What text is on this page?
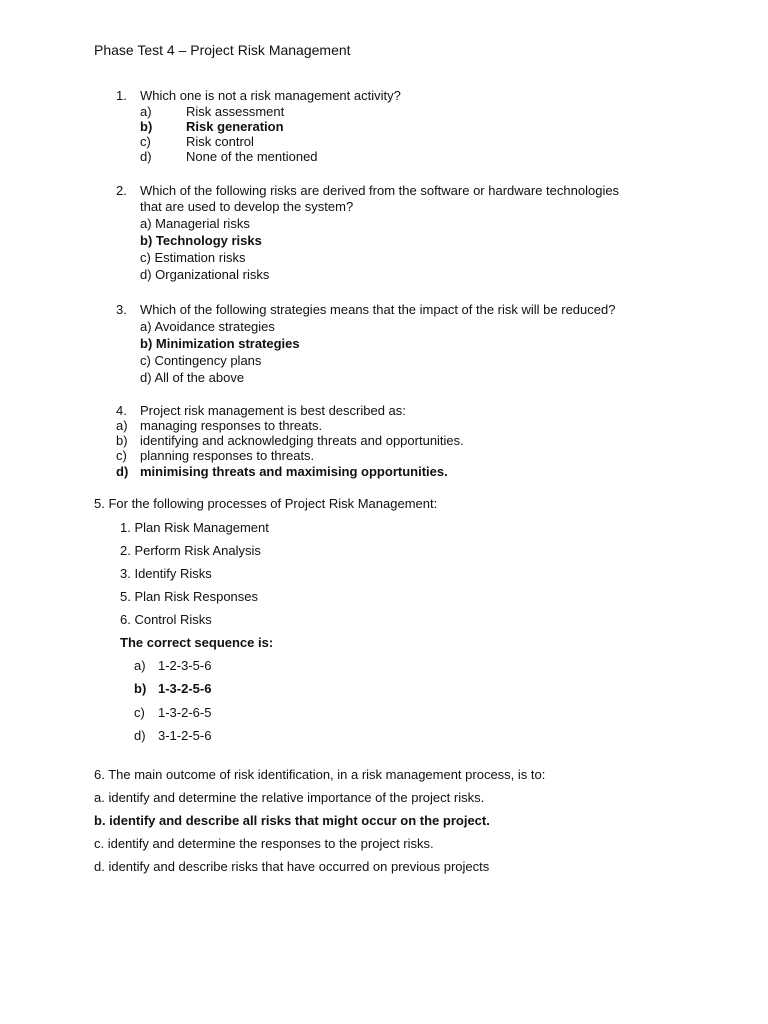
Phase Test 4 – Project Risk Management
1. Which one is not a risk management activity?
a)	Risk assessment
b)	Risk generation
c)	Risk control
d)	None of the mentioned
2. Which of the following risks are derived from the software or hardware technologies
that are used to develop the system?
a) Managerial risks
b) Technology risks
c) Estimation risks
d) Organizational risks
3. Which of the following strategies means that the impact of the risk will be reduced?
a) Avoidance strategies
b) Minimization strategies
c) Contingency plans
d) All of the above
4. Project risk management is best described as:
a) managing responses to threats.
b) identifying and acknowledging threats and opportunities.
c) planning responses to threats.
d) minimising threats and maximising opportunities.
5. For the following processes of Project Risk Management:
1. Plan Risk Management
2. Perform Risk Analysis
3. Identify Risks
5. Plan Risk Responses
6. Control Risks
The correct sequence is:
a) 1-2-3-5-6
b) 1-3-2-5-6
c) 1-3-2-6-5
d) 3-1-2-5-6
6. The main outcome of risk identification, in a risk management process, is to:
a. identify and determine the relative importance of the project risks.
b. identify and describe all risks that might occur on the project.
c. identify and determine the responses to the project risks.
d. identify and describe risks that have occurred on previous projects
